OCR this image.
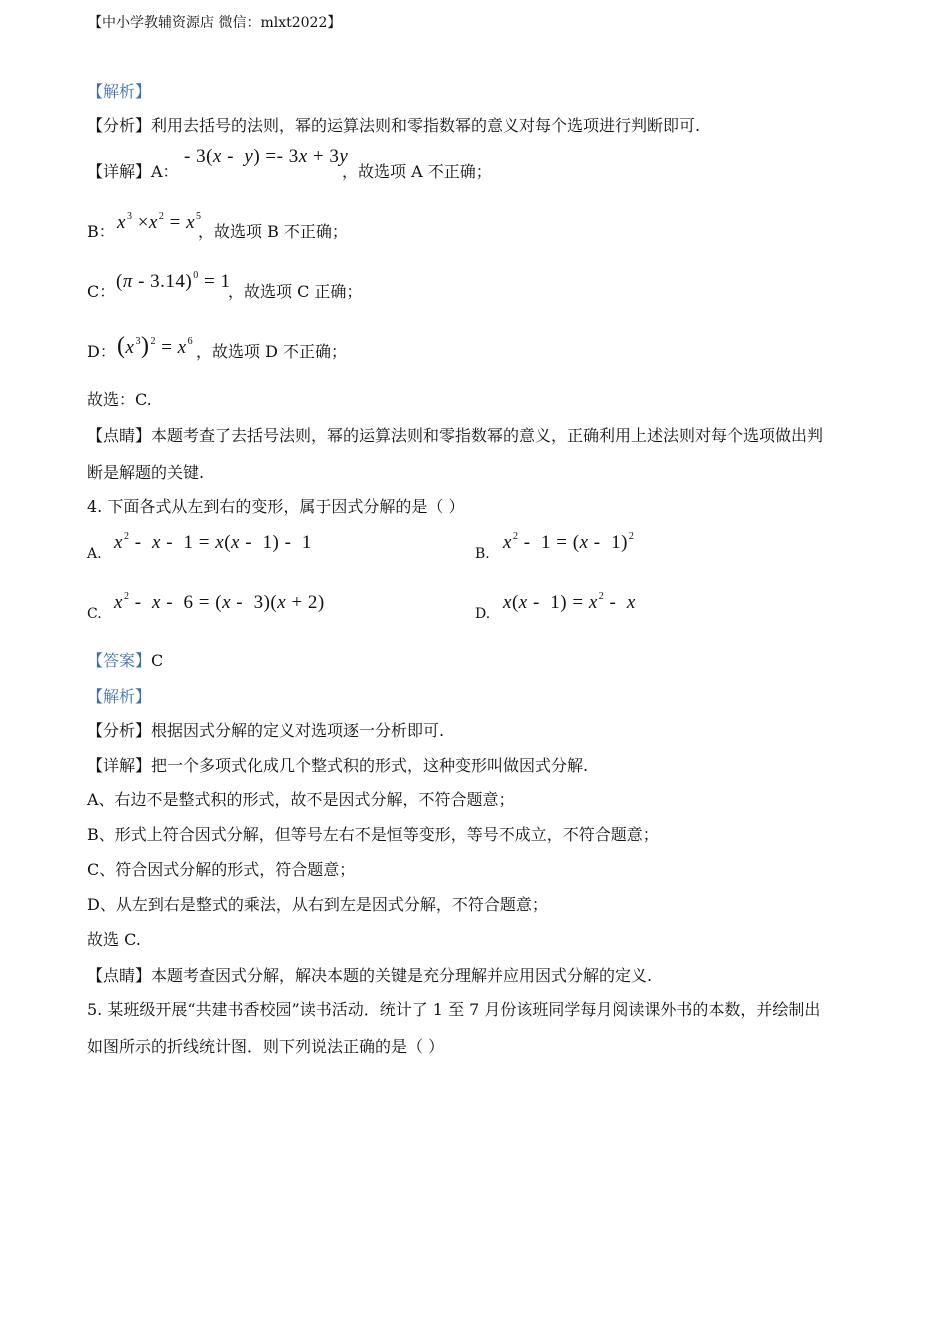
【中小学教辅资源店 微信：mlxt2022】
【解析】
【分析】利用去括号的法则，幂的运算法则和零指数幂的意义对每个选项进行判断即可.
【详解】A：
- 3(x -  y) =- 3x + 3y
，故选项 A 不正确；
B： $x^3 \times x^2 = x^5$
，故选项 B 不正确；
C： (π - 3.14)$^0$ = 1
，故选项 C 正确；
D： $(x^3)^2 = x^6$
，故选项 D 不正确；
故选：C.
【点睛】本题考查了去括号法则，幂的运算法则和零指数幂的意义，正确利用上述法则对每个选项做出判
断是解题的关键.
4. 下面各式从左到右的变形，属于因式分解的是（ ）
A.
$x^2 - x - 1 = x(x - 1) - 1$
B.
$x^2 - 1 = (x - 1)^2$
C.
$x^2 - x - 6 = (x - 3)(x + 2)$
D.
$x(x - 1) = x^2 - x$
【答案】C
【解析】
【分析】根据因式分解的定义对选项逐一分析即可.
【详解】把一个多项式化成几个整式积的形式，这种变形叫做因式分解.
A、右边不是整式积的形式，故不是因式分解，不符合题意；
B、形式上符合因式分解，但等号左右不是恒等变形，等号不成立，不符合题意；
C、符合因式分解的形式，符合题意；
D、从左到右是整式的乘法，从右到左是因式分解，不符合题意；
故选 C.
【点睛】本题考查因式分解，解决本题的关键是充分理解并应用因式分解的定义.
5. 某班级开展“共建书香校园”读书活动．统计了 1 至 7 月份该班同学每月阅读课外书的本数，并绘制出
如图所示的折线统计图．则下列说法正确的是（ ）
